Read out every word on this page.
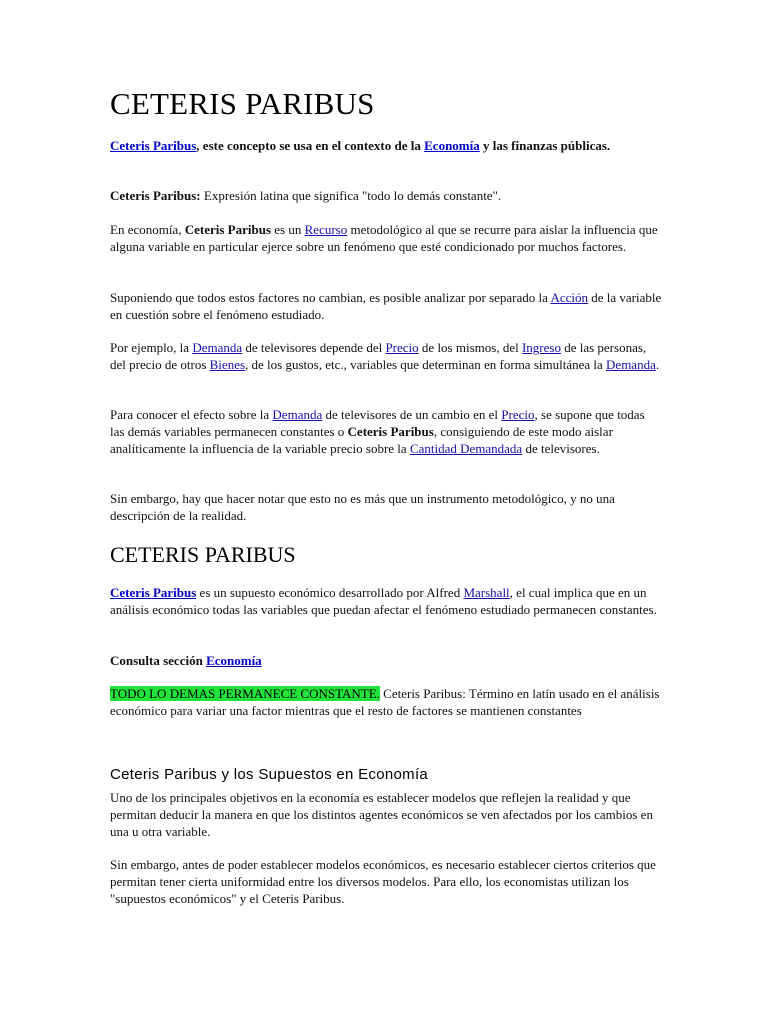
CETERIS PARIBUS

Ceteris Paribus, este concepto se usa en el contexto de la Economía y las finanzas públicas.

Ceteris Paribus: Expresión latina que significa "todo lo demás constante".

En economía, Ceteris Paribus es un Recurso metodológico al que se recurre para aislar la influencia que alguna variable en particular ejerce sobre un fenómeno que esté condicionado por muchos factores.

Suponiendo que todos estos factores no cambian, es posible analizar por separado la Acción de la variable en cuestión sobre el fenómeno estudiado.

Por ejemplo, la Demanda de televisores depende del Precio de los mismos, del Ingreso de las personas, del precio de otros Bienes, de los gustos, etc., variables que determinan en forma simultánea la Demanda.

Para conocer el efecto sobre la Demanda de televisores de un cambio en el Precio, se supone que todas las demás variables permanecen constantes o Ceteris Paribus, consiguiendo de este modo aislar analíticamente la influencia de la variable precio sobre la Cantidad Demandada de televisores.

Sin embargo, hay que hacer notar que esto no es más que un instrumento metodológico, y no una descripción de la realidad.

CETERIS PARIBUS

Ceteris Paribus es un supuesto económico desarrollado por Alfred Marshall, el cual implica que en un análisis económico todas las variables que puedan afectar el fenómeno estudiado permanecen constantes.

Consulta sección Economía

TODO LO DEMAS PERMANECE CONSTANTE. Ceteris Paribus: Término en latín usado en el análisis económico para variar una factor mientras que el resto de factores se mantienen constantes

Ceteris Paribus y los Supuestos en Economía

Uno de los principales objetivos en la economía es establecer modelos que reflejen la realidad y que permitan deducir la manera en que los distintos agentes económicos se ven afectados por los cambios en una u otra variable.

Sin embargo, antes de poder establecer modelos económicos, es necesario establecer ciertos criterios que permitan tener cierta uniformidad entre los diversos modelos. Para ello, los economistas utilizan los "supuestos económicos" y el Ceteris Paribus.
